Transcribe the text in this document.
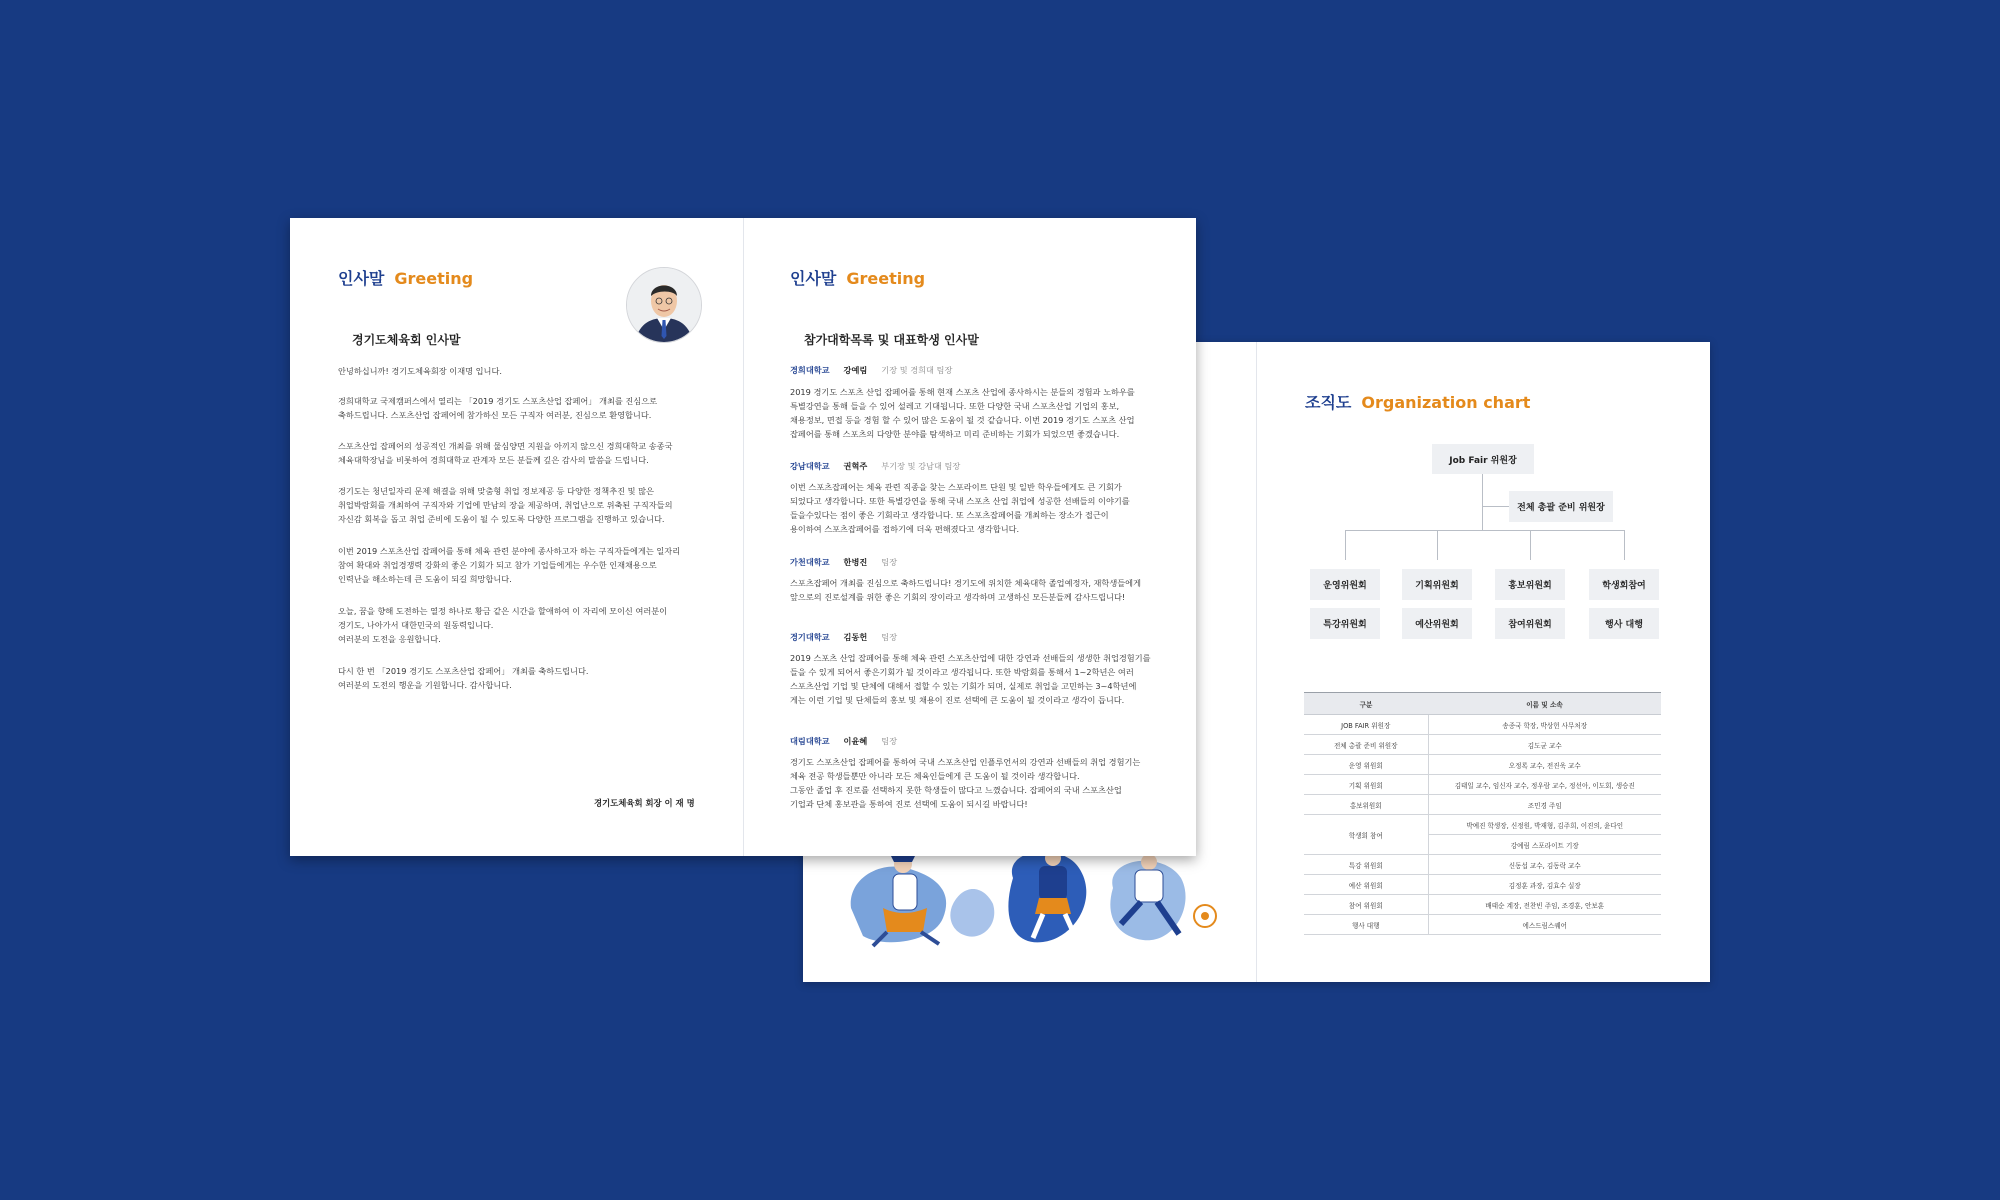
조직도 Organization chart
Job Fair 위원장
전체 총괄 준비 위원장
운영위원회	기획위원회	홍보위원회	학생회참여
특강위원회	예산위원회	참여위원회	행사 대행
구분	이름 및 소속
JOB FAIR 위원장	송종국 학장, 박상헌 사무처장
전체 총괄 준비 위원장	김도균 교수
운영 위원회	오정록 교수, 전진욱 교수
기획 위원회	김태일 교수, 임신자 교수, 정우람 교수, 정선아, 이도회, 생승진
홍보위원회	조민경 주임
학생회 참여	박예진 학생장, 신정원, 박재형, 김주희, 이진의, 윤다인
	강예림 스포라이트 기장
특강 위원회	신동섭 교수, 김동락 교수
예산 위원회	김정훈 과장, 김효수 실장
참여 위원회	배태순 계장, 전찬빈 주임, 조경훈, 안보훈
행사 대행	에스드림스퀘어
인사말 Greeting
경기도체육회 인사말
안녕하십니까! 경기도체육회장 이재명 입니다.
경희대학교 국제캠퍼스에서 열리는 「2019 경기도 스포츠산업 잡페어」 개최를 진심으로
축하드립니다. 스포츠산업 잡페어에 참가하신 모든 구직자 여러분, 진심으로 환영합니다.
스포츠산업 잡페어의 성공적인 개최를 위해 물심양면 지원을 아끼지 않으신 경희대학교 송종국
체육대학장님을 비롯하여 경희대학교 관계자 모든 분들께 깊은 감사의 말씀을 드립니다.
경기도는 청년일자리 문제 해결을 위해 맞춤형 취업 정보제공 등 다양한 정책추진 및 많은
취업박람회를 개최하여 구직자와 기업에 만남의 장을 제공하며, 취업난으로 위축된 구직자들의
자신감 회복을 돕고 취업 준비에 도움이 될 수 있도록 다양한 프로그램을 진행하고 있습니다.
이번 2019 스포츠산업 잡페어를 통해 체육 관련 분야에 종사하고자 하는 구직자들에게는 일자리
참여 확대와 취업경쟁력 강화의 좋은 기회가 되고 참가 기업들에게는 우수한 인재채용으로
인력난을 해소하는데 큰 도움이 되길 희망합니다.
오늘, 꿈을 향해 도전하는 열정 하나로 황금 같은 시간을 할애하여 이 자리에 모이신 여러분이
경기도, 나아가서 대한민국의 원동력입니다.
여러분의 도전을 응원합니다.
다시 한 번 「2019 경기도 스포츠산업 잡페어」 개최를 축하드립니다.
여러분의 도전의 행운을 기원합니다. 감사합니다.
경기도체육회 회장 이 재 명
인사말 Greeting
참가대학목록 및 대표학생 인사말
경희대학교 강예림 기장 및 경희대 팀장
2019 경기도 스포츠 산업 잡페어를 통해 현재 스포츠 산업에 종사하시는 분들의 경험과 노하우를
특별강연을 통해 들을 수 있어 설레고 기대됩니다. 또한 다양한 국내 스포츠산업 기업의 홍보,
채용정보, 면접 등을 경험 할 수 있어 많은 도움이 될 것 같습니다. 이번 2019 경기도 스포츠 산업
잡페어를 통해 스포츠의 다양한 분야를 탐색하고 미리 준비하는 기회가 되었으면 좋겠습니다.
강남대학교 권혁주 부기장 및 강남대 팀장
이번 스포츠잡페어는 체육 관련 직종을 찾는 스포라이트 단원 및 일반 학우들에게도 큰 기회가
되었다고 생각합니다. 또한 특별강연을 통해 국내 스포츠 산업 취업에 성공한 선배들의 이야기를
들을수있다는 점이 좋은 기회라고 생각합니다. 또 스포츠잡페어를 개최하는 장소가 접근이
용이하여 스포츠잡페어를 접하기에 더욱 편해졌다고 생각합니다.
가천대학교 한병진 팀장
스포츠잡페어 개최를 진심으로 축하드립니다! 경기도에 위치한 체육대학 졸업예정자, 재학생들에게
앞으로의 진로설계를 위한 좋은 기회의 장이라고 생각하며 고생하신 모든분들께 감사드립니다!
경기대학교 김동헌 팀장
2019 스포츠 산업 잡페어를 통해 체육 관련 스포츠산업에 대한 강연과 선배들의 생생한 취업경험기를
들을 수 있게 되어서 좋은기회가 될 것이라고 생각됩니다. 또한 박람회를 통해서 1~2학년은 여러
스포츠산업 기업 및 단체에 대해서 접할 수 있는 기회가 되며, 실제로 취업을 고민하는 3~4학년에
게는 이런 기업 및 단체들의 홍보 및 채용이 진로 선택에 큰 도움이 될 것이라고 생각이 듭니다.
대림대학교 이윤혜 팀장
경기도 스포츠산업 잡페어를 통하여 국내 스포츠산업 인플루언서의 강연과 선배들의 취업 경험기는
체육 전공 학생들뿐만 아니라 모든 체육인들에게 큰 도움이 될 것이라 생각합니다.
그동안 졸업 후 진로를 선택하지 못한 학생들이 많다고 느꼈습니다. 잡페어의 국내 스포츠산업
기업과 단체 홍보관을 통하여 진로 선택에 도움이 되시길 바랍니다!
